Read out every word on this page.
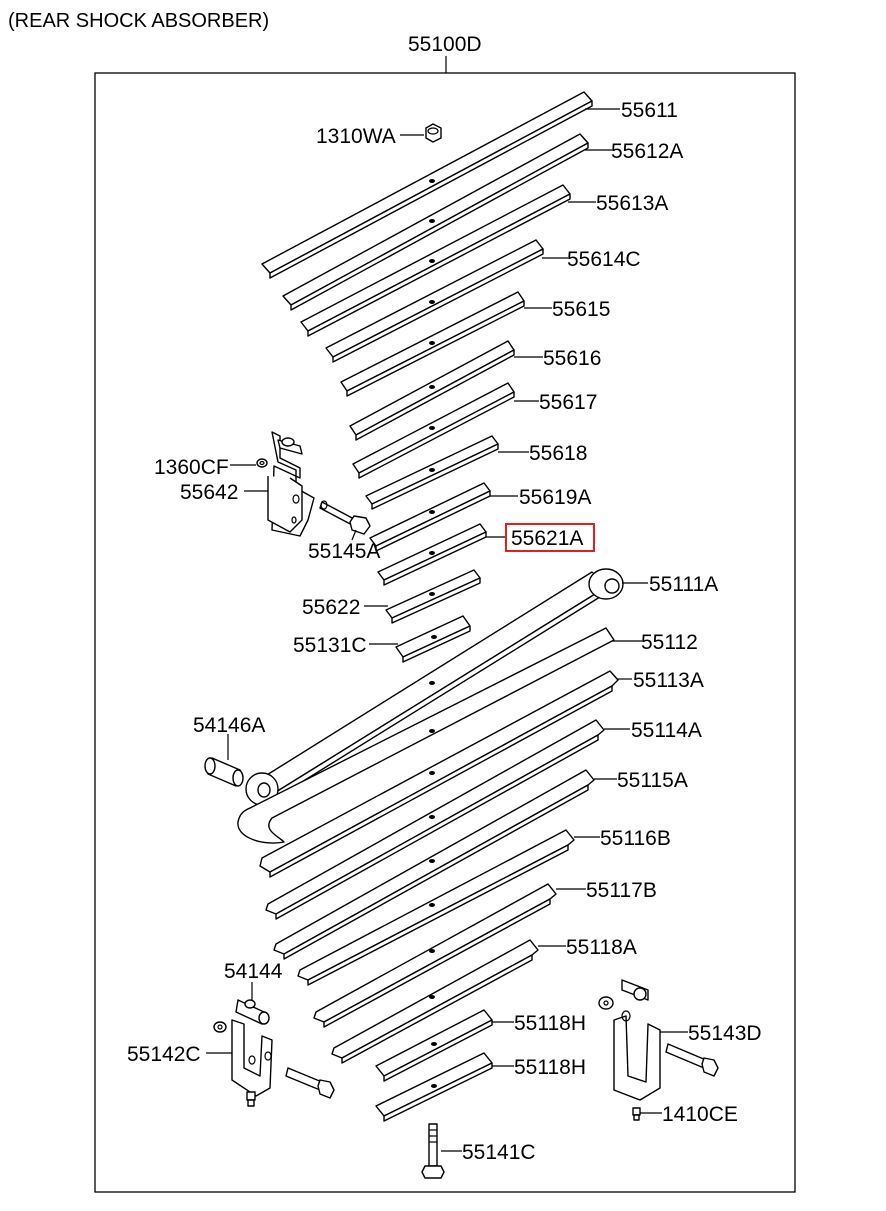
(REAR SHOCK ABSORBER)
55100D
55611
1310WA
55612A
55613A
55614C
55615
55616
55617
55618
1360CF
55642	55619A
55621A
55145A
55111A
55622
55131C	55112
55113A
54146A	55114A
55115A
55116B
55117B
55118A
54144
55118H	55143D
55142C
55118H
1410CE
55141C
